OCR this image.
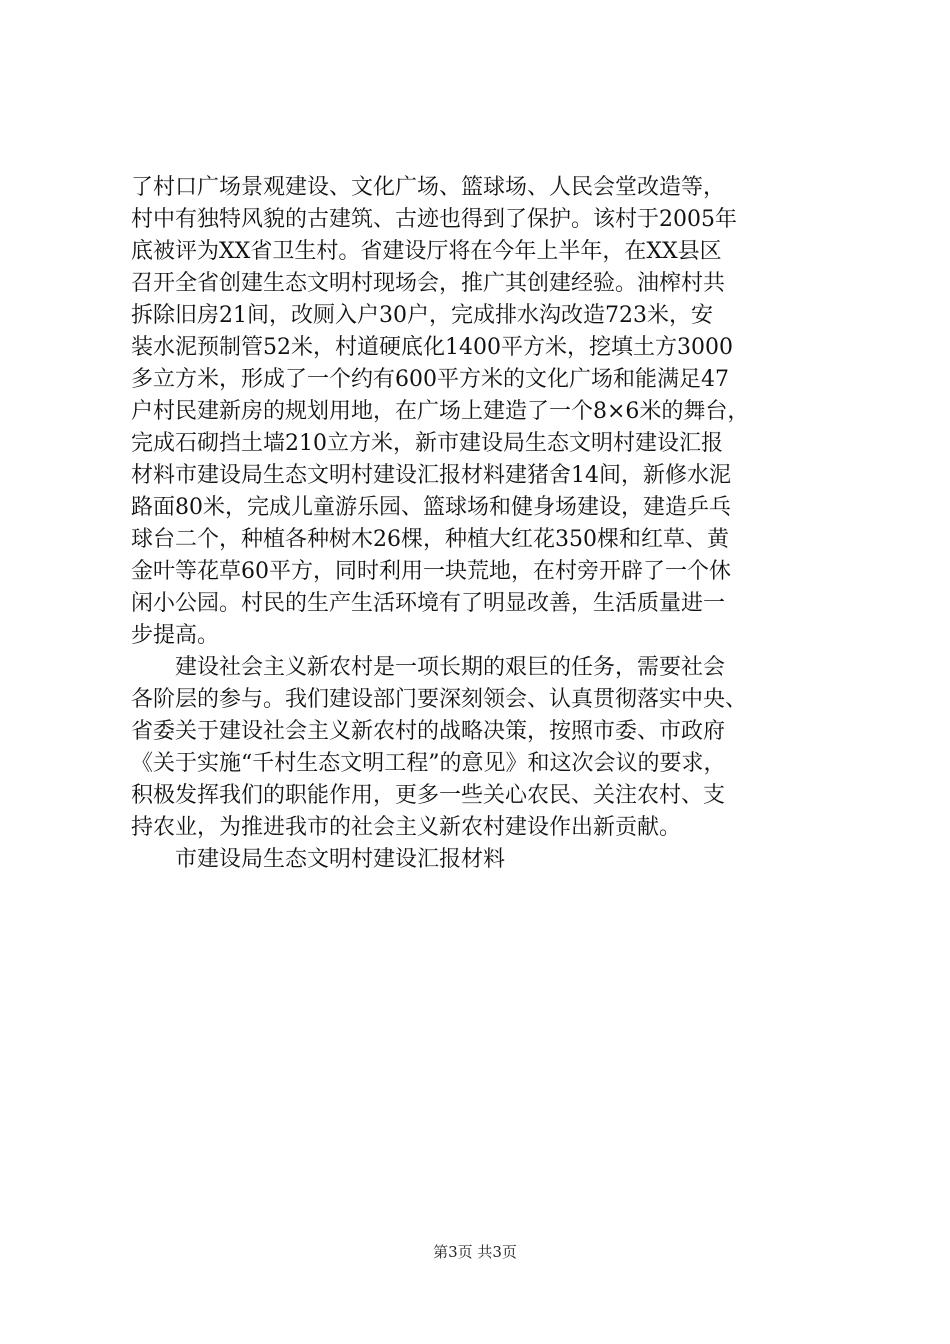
了村口广场景观建设、文化广场、篮球场、人民会堂改造等，
村中有独特风貌的古建筑、古迹也得到了保护。该村于2005年
底被评为XX省卫生村。省建设厅将在今年上半年，在XX县区
召开全省创建生态文明村现场会，推广其创建经验。油榨村共
拆除旧房21间，改厕入户30户，完成排水沟改造723米，安
装水泥预制管52米，村道硬底化1400平方米，挖填土方3000
多立方米，形成了一个约有600平方米的文化广场和能满足47
户村民建新房的规划用地，在广场上建造了一个8×6米的舞台，
完成石砌挡土墙210立方米，新市建设局生态文明村建设汇报
材料市建设局生态文明村建设汇报材料建猪舍14间，新修水泥
路面80米，完成儿童游乐园、篮球场和健身场建设，建造乒乓
球台二个，种植各种树木26棵，种植大红花350棵和红草、黄
金叶等花草60平方，同时利用一块荒地，在村旁开辟了一个休
闲小公园。村民的生产生活环境有了明显改善，生活质量进一
步提高。
建设社会主义新农村是一项长期的艰巨的任务，需要社会
各阶层的参与。我们建设部门要深刻领会、认真贯彻落实中央、
省委关于建设社会主义新农村的战略决策，按照市委、市政府
《关于实施“千村生态文明工程”的意见》和这次会议的要求，
积极发挥我们的职能作用，更多一些关心农民、关注农村、支
持农业，为推进我市的社会主义新农村建设作出新贡献。
市建设局生态文明村建设汇报材料
第3页 共3页
